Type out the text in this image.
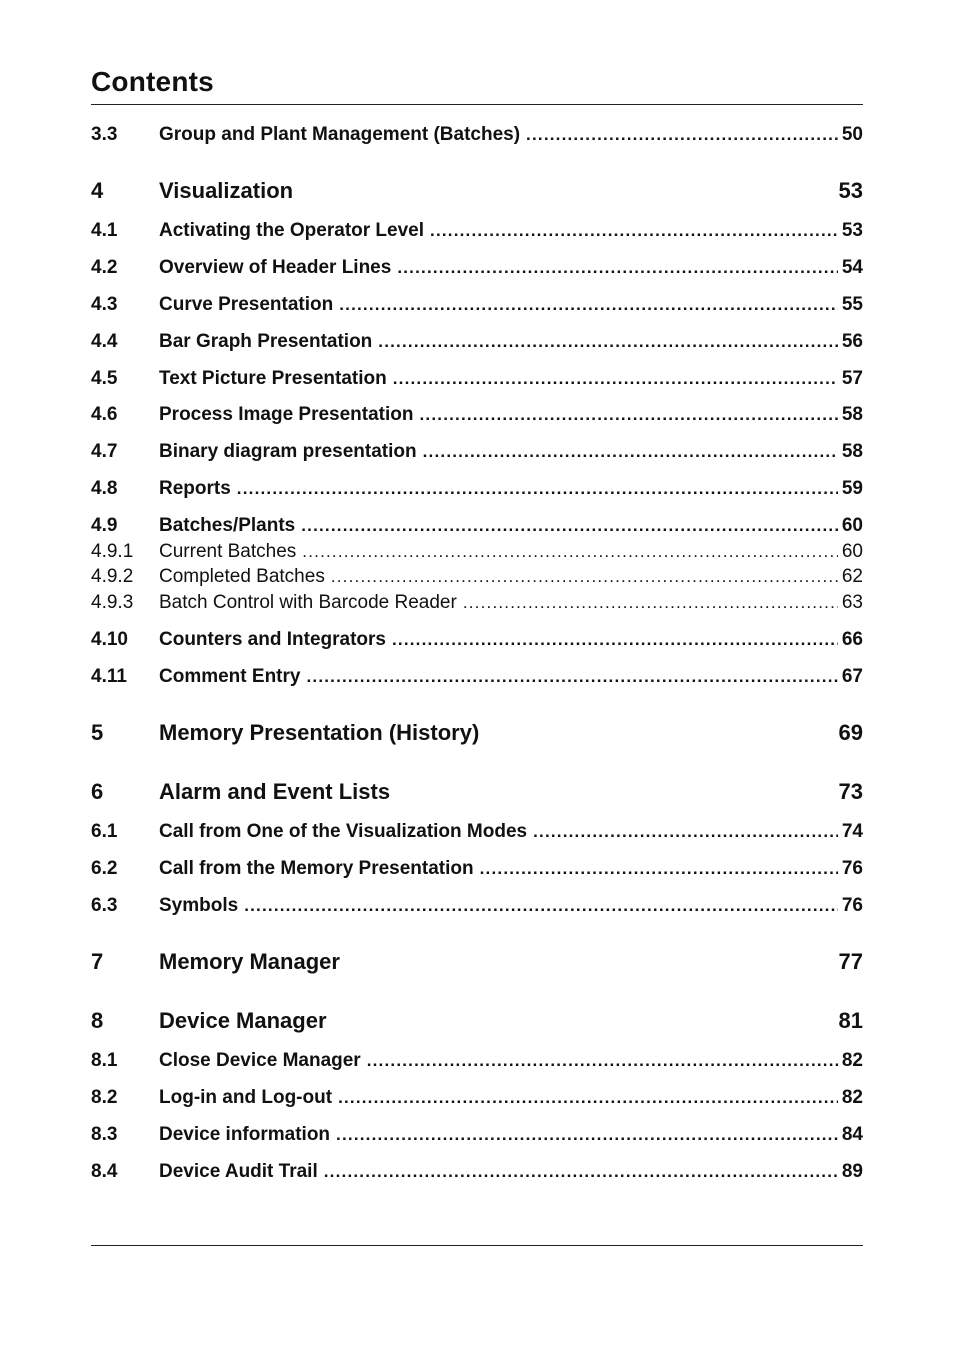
Contents
3.3	Group and Plant Management (Batches) .....	50
4	Visualization	53
4.1	Activating the Operator Level .....	53
4.2	Overview of Header Lines .....	54
4.3	Curve Presentation .....	55
4.4	Bar Graph Presentation .....	56
4.5	Text Picture Presentation .....	57
4.6	Process Image Presentation .....	58
4.7	Binary diagram presentation .....	58
4.8	Reports .....	59
4.9	Batches/Plants .....	60
4.9.1	Current Batches .....	60
4.9.2	Completed Batches .....	62
4.9.3	Batch Control with Barcode Reader .....	63
4.10	Counters and Integrators .....	66
4.11	Comment Entry .....	67
5	Memory Presentation (History)	69
6	Alarm and Event Lists	73
6.1	Call from One of the Visualization Modes .....	74
6.2	Call from the Memory Presentation .....	76
6.3	Symbols .....	76
7	Memory Manager	77
8	Device Manager	81
8.1	Close Device Manager .....	82
8.2	Log-in and Log-out .....	82
8.3	Device information .....	84
8.4	Device Audit Trail .....	89
